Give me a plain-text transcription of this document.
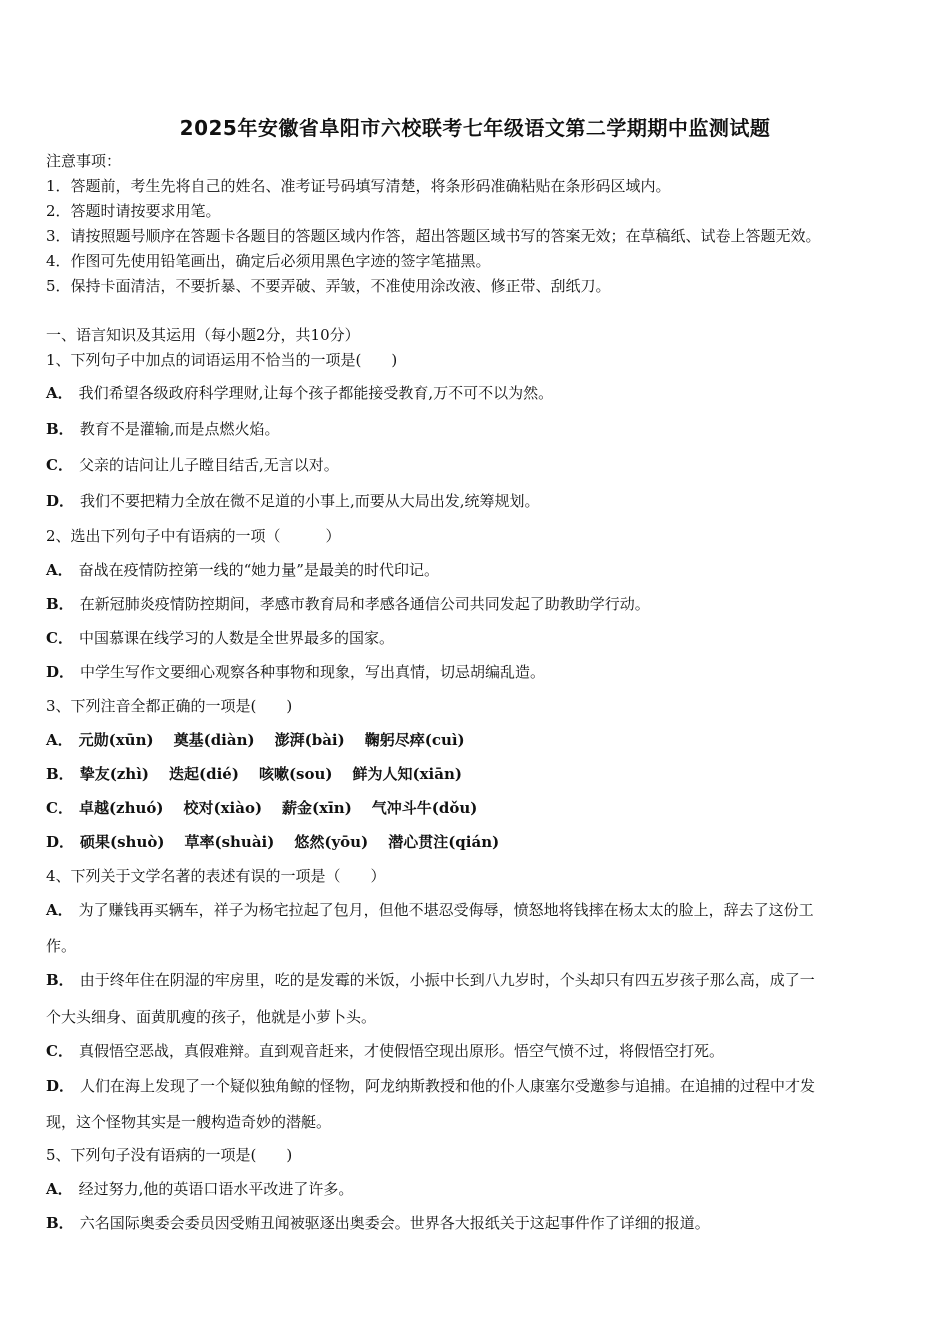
2025年安徽省阜阳市六校联考七年级语文第二学期期中监测试题
注意事项：
1．答题前，考生先将自己的姓名、准考证号码填写清楚，将条形码准确粘贴在条形码区域内。
2．答题时请按要求用笔。
3．请按照题号顺序在答题卡各题目的答题区域内作答，超出答题区域书写的答案无效；在草稿纸、试卷上答题无效。
4．作图可先使用铅笔画出，确定后必须用黑色字迹的签字笔描黑。
5．保持卡面清洁，不要折暴、不要弄破、弄皱，不准使用涂改液、修正带、刮纸刀。
一、语言知识及其运用（每小题2分，共10分）
1、下列句子中加点的词语运用不恰当的一项是(　　)
A． 我们希望各级政府科学理财,让每个孩子都能接受教育,万不可不以为然。
B． 教育不是灌输,而是点燃火焰。
C． 父亲的诘问让儿子瞠目结舌,无言以对。
D． 我们不要把精力全放在微不足道的小事上,而要从大局出发,统筹规划。
2、选出下列句子中有语病的一项（　　　）
A． 奋战在疫情防控第一线的“她力量”是最美的时代印记。
B． 在新冠肺炎疫情防控期间，孝感市教育局和孝感各通信公司共同发起了助教助学行动。
C． 中国慕课在线学习的人数是全世界最多的国家。
D． 中学生写作文要细心观察各种事物和现象，写出真情，切忌胡编乱造。
3、下列注音全都正确的一项是(　　)
A． 元勋(xūn) 奠基(diàn) 澎湃(bài) 鞠躬尽瘁(cuì)
B． 挚友(zhì) 迭起(dié) 咳嗽(sou) 鲜为人知(xiān)
C． 卓越(zhuó) 校对(xiào) 薪金(xīn) 气冲斗牛(dǒu)
D． 硕果(shuò) 草率(shuài) 悠然(yōu) 潜心贯注(qián)
4、下列关于文学名著的表述有误的一项是（　　）
A． 为了赚钱再买辆车，祥子为杨宅拉起了包月，但他不堪忍受侮辱，愤怒地将钱摔在杨太太的脸上，辞去了这份工
作。
B． 由于终年住在阴湿的牢房里，吃的是发霉的米饭，小振中长到八九岁时，个头却只有四五岁孩子那么高，成了一
个大头细身、面黄肌瘦的孩子，他就是小萝卜头。
C． 真假悟空恶战，真假难辩。直到观音赶来，才使假悟空现出原形。悟空气愤不过，将假悟空打死。
D． 人们在海上发现了一个疑似独角鲸的怪物，阿龙纳斯教授和他的仆人康塞尔受邀参与追捕。在追捕的过程中才发
现，这个怪物其实是一艘构造奇妙的潜艇。
5、下列句子没有语病的一项是(　　)
A． 经过努力,他的英语口语水平改进了许多。
B． 六名国际奥委会委员因受贿丑闻被驱逐出奥委会。世界各大报纸关于这起事件作了详细的报道。
